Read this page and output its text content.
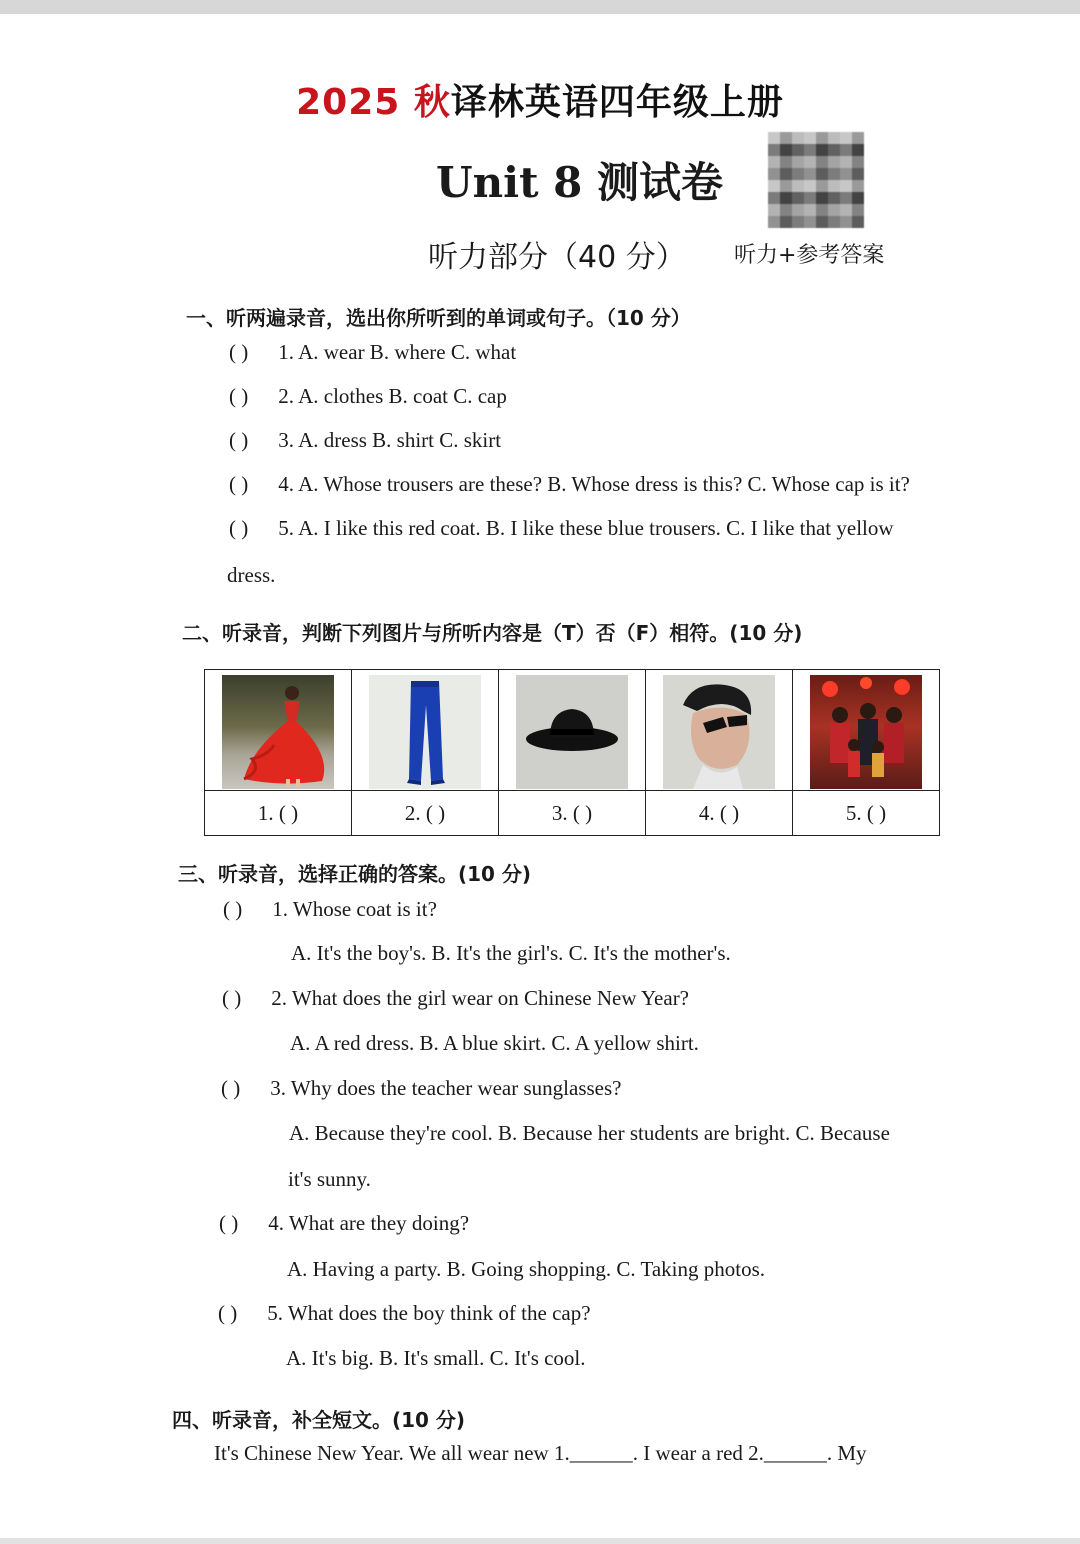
2025 秋译林英语四年级上册
Unit 8 测试卷
听力部分（40 分） 听力+参考答案
一、听两遍录音，选出你所听到的单词或句子。（10 分）
( ) 1. A. wear B. where C. what
( ) 2. A. clothes B. coat C. cap
( ) 3. A. dress B. shirt C. skirt
( ) 4. A. Whose trousers are these? B. Whose dress is this? C. Whose cap is it?
( ) 5. A. I like this red coat. B. I like these blue trousers. C. I like that yellow
dress.
二、听录音，判断下列图片与所听内容是（T）否（F）相符。(10 分)

1. ( )	2. ( )	3. ( )	4. ( )	5. ( )
三、听录音，选择正确的答案。(10 分)
( ) 1. Whose coat is it?
A. It's the boy's. B. It's the girl's. C. It's the mother's.
( ) 2. What does the girl wear on Chinese New Year?
A. A red dress. B. A blue skirt. C. A yellow shirt.
( ) 3. Why does the teacher wear sunglasses?
A. Because they're cool. B. Because her students are bright. C. Because
it's sunny.
( ) 4. What are they doing?
A. Having a party. B. Going shopping. C. Taking photos.
( ) 5. What does the boy think of the cap?
A. It's big. B. It's small. C. It's cool.
四、听录音，补全短文。(10 分)
It's Chinese New Year. We all wear new 1.______. I wear a red 2.______. My
